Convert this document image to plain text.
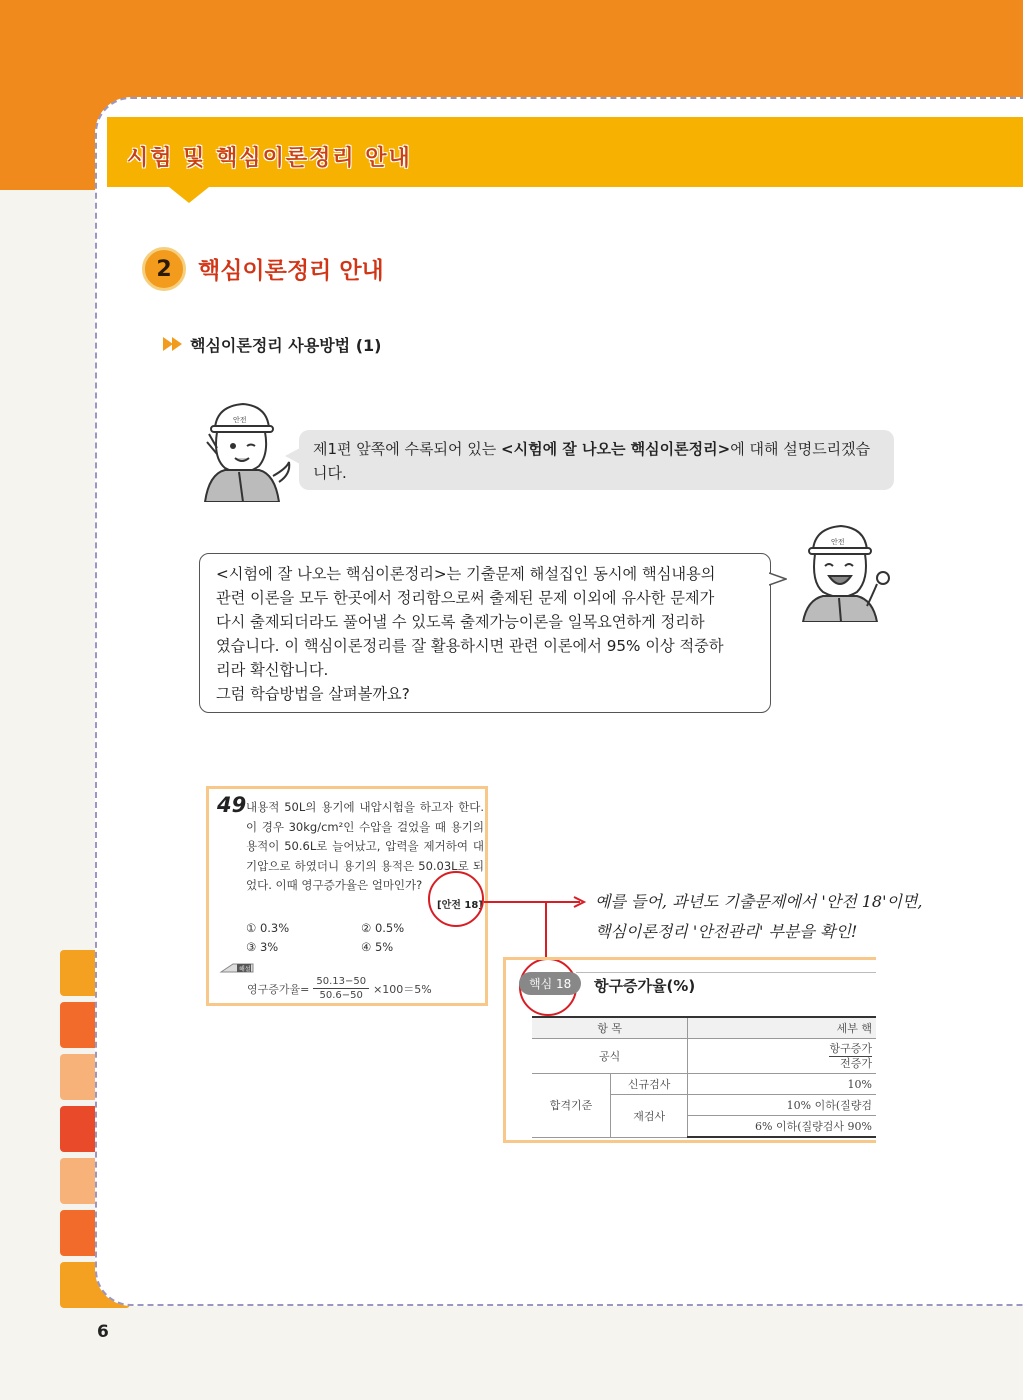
시험 및 핵심이론정리 안내
2	핵심이론정리 안내
핵심이론정리 사용방법 (1)
안전
제1편 앞쪽에 수록되어 있는 <시험에 잘 나오는 핵심이론정리>에 대해 설명드리겠습니다.
<시험에 잘 나오는 핵심이론정리>는 기출문제 해설집인 동시에 핵심내용의
관련 이론을 모두 한곳에서 정리함으로써 출제된 문제 이외에 유사한 문제가
다시 출제되더라도 풀어낼 수 있도록 출제가능이론을 일목요연하게 정리하
였습니다. 이 핵심이론정리를 잘 활용하시면 관련 이론에서 95% 이상 적중하
리라 확신합니다.
그럼 학습방법을 살펴볼까요?
안전
49 내용적 50L의 용기에 내압시험을 하고자 한다. 이 경우 30kg/cm²인 수압을 걸었을 때 용기의 용적이 50.6L로 늘어났고, 압력을 제거하여 대기압으로 하였더니 용기의 용적은 50.03L로 되었다. 이때 영구증가율은 얼마인가?
[안전 18]
① 0.3%	② 0.5%
③ 3%	④ 5%
해설
영구증가율= $\frac{50.13-50}{50.6-50} \times 100=5\%$
예를 들어, 과년도 기출문제에서 '안전 18'이면,
핵심이론정리 '안전관리' 부분을 확인!
핵심 18	항구증가율(%)
항 목		세부 핵
공식		항구증가
전증가
합격기준	신규검사	10%
	재검사	10% 이하(질량검
		6% 이하(질량검사 90%
6
